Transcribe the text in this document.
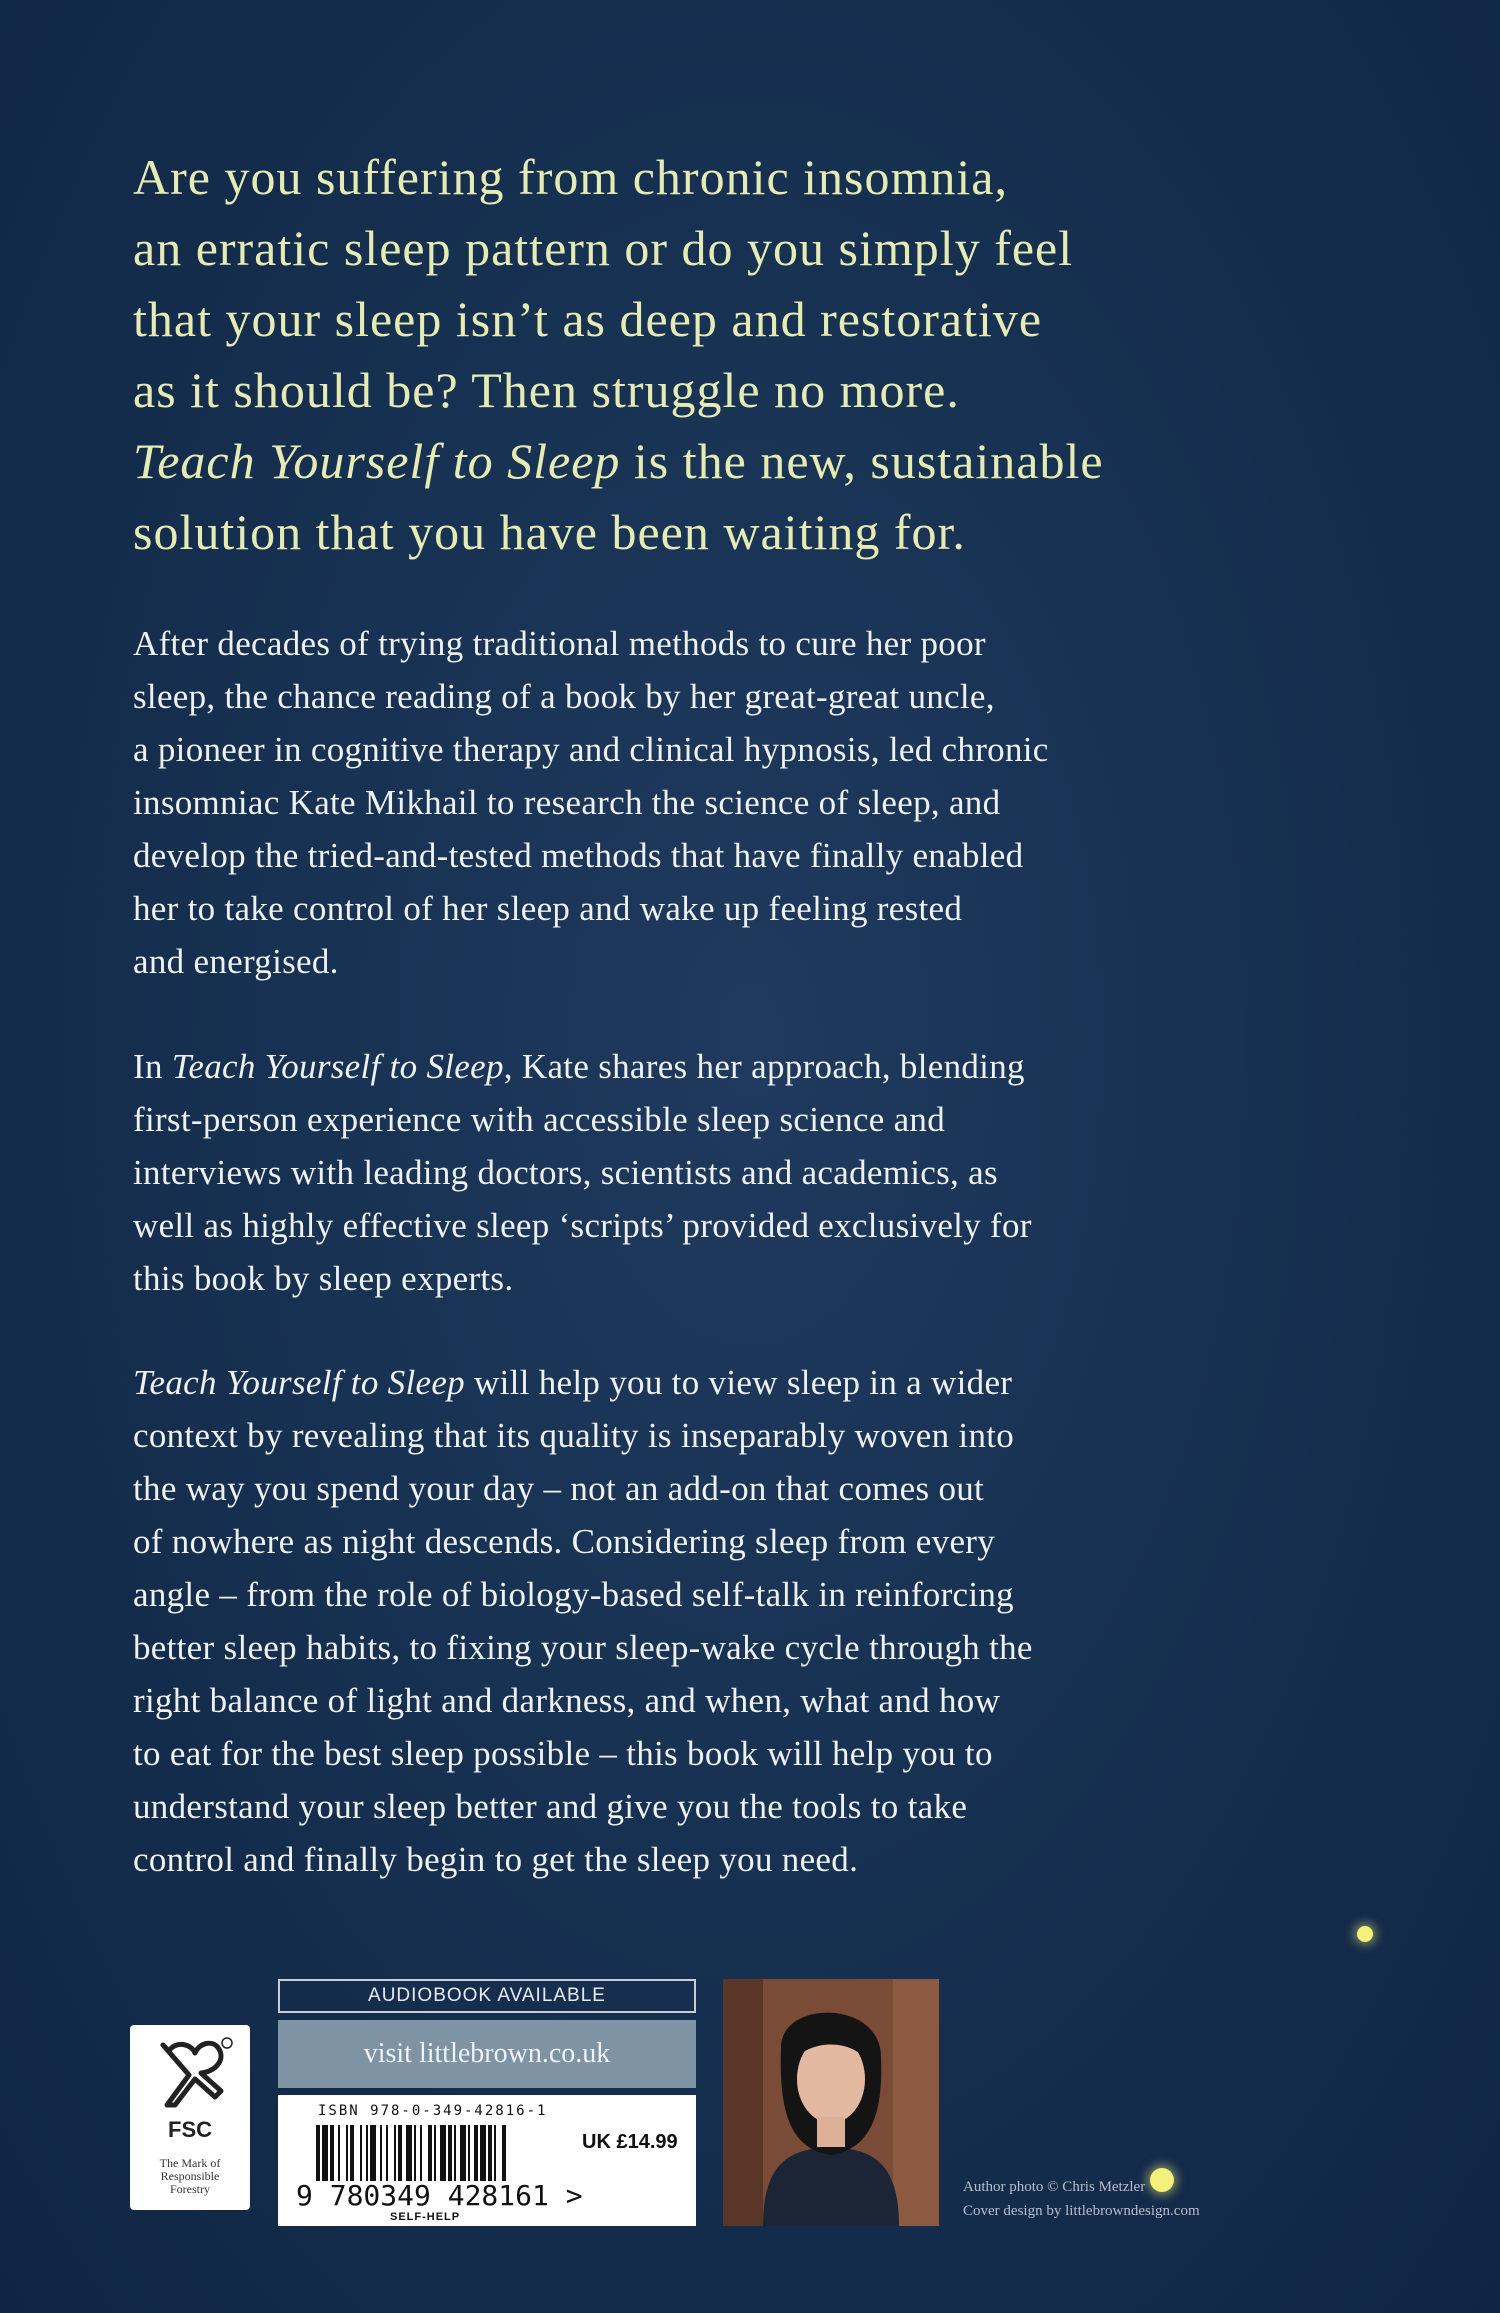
Are you suffering from chronic insomnia,
an erratic sleep pattern or do you simply feel
that your sleep isn’t as deep and restorative
as it should be? Then struggle no more.
Teach Yourself to Sleep is the new, sustainable
solution that you have been waiting for.
After decades of trying traditional methods to cure her poor
sleep, the chance reading of a book by her great-great uncle,
a pioneer in cognitive therapy and clinical hypnosis, led chronic
insomniac Kate Mikhail to research the science of sleep, and
develop the tried-and-tested methods that have finally enabled
her to take control of her sleep and wake up feeling rested
and energised.
In Teach Yourself to Sleep, Kate shares her approach, blending
first-person experience with accessible sleep science and
interviews with leading doctors, scientists and academics, as
well as highly effective sleep ‘scripts’ provided exclusively for
this book by sleep experts.
Teach Yourself to Sleep will help you to view sleep in a wider
context by revealing that its quality is inseparably woven into
the way you spend your day – not an add-on that comes out
of nowhere as night descends. Considering sleep from every
angle – from the role of biology-based self-talk in reinforcing
better sleep habits, to fixing your sleep-wake cycle through the
right balance of light and darkness, and when, what and how
to eat for the best sleep possible – this book will help you to
understand your sleep better and give you the tools to take
control and finally begin to get the sleep you need.
FSC
The Mark of
Responsible
Forestry
AUDIOBOOK AVAILABLE
visit littlebrown.co.uk
ISBN 978-0-349-42816-1
UK £14.99
9 780349 428161 >
SELF-HELP
Author photo © Chris Metzler
Cover design by littlebrowndesign.com
